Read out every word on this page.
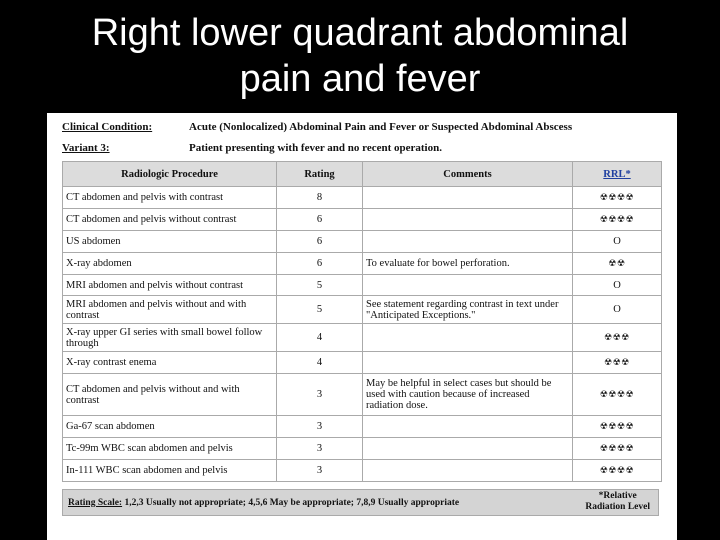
Right lower quadrant abdominal
pain and fever
Clinical Condition:	Acute (Nonlocalized) Abdominal Pain and Fever or Suspected Abdominal Abscess
Variant 3:	Patient presenting with fever and no recent operation.
Radiologic Procedure	Rating	Comments	RRL*
CT abdomen and pelvis with contrast	8		☢☢☢☢
CT abdomen and pelvis without contrast	6		☢☢☢☢
US abdomen	6		O
X-ray abdomen	6	To evaluate for bowel perforation.	☢☢
MRI abdomen and pelvis without contrast	5		O
MRI abdomen and pelvis without and with contrast	5	See statement regarding contrast in text under "Anticipated Exceptions."	O
X-ray upper GI series with small bowel follow through	4		☢☢☢
X-ray contrast enema	4		☢☢☢
CT abdomen and pelvis without and with contrast	3	May be helpful in select cases but should be used with caution because of increased radiation dose.	☢☢☢☢
Ga-67 scan abdomen	3		☢☢☢☢
Tc-99m WBC scan abdomen and pelvis	3		☢☢☢☢
In-111 WBC scan abdomen and pelvis	3		☢☢☢☢
Rating Scale: 1,2,3 Usually not appropriate; 4,5,6 May be appropriate; 7,8,9 Usually appropriate
*Relative
Radiation Level
